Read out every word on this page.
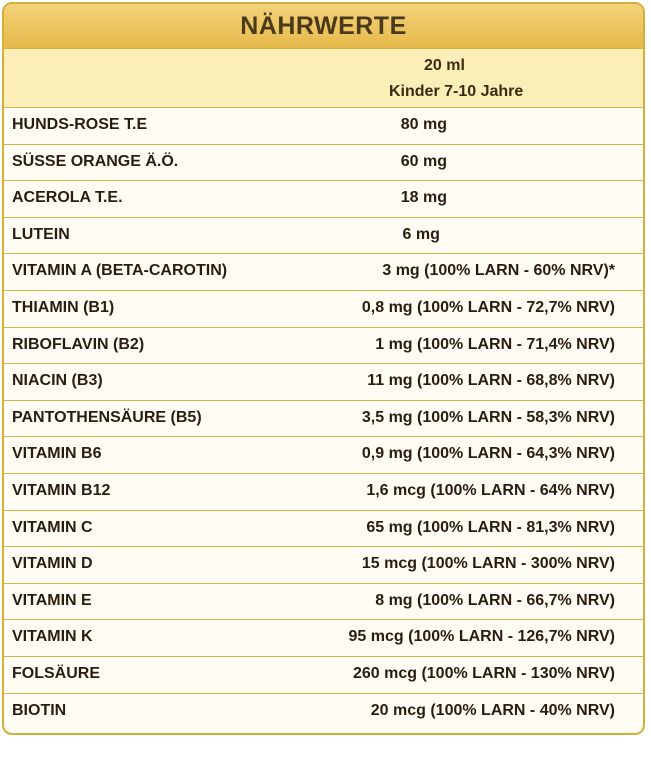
NÄHRWERTE
20 ml
Kinder 7-10 Jahre
HUNDS-ROSE T.E	80 mg
SÜSSE ORANGE Ä.Ö.	60 mg
ACEROLA T.E.	18 mg
LUTEIN	6 mg
VITAMIN A (BETA-CAROTIN)	3 mg (100% LARN - 60% NRV)*
THIAMIN (B1)	0,8 mg (100% LARN - 72,7% NRV)
RIBOFLAVIN (B2)	1 mg (100% LARN - 71,4% NRV)
NIACIN (B3)	11 mg (100% LARN - 68,8% NRV)
PANTOTHENSÄURE (B5)	3,5 mg (100% LARN - 58,3% NRV)
VITAMIN B6	0,9 mg (100% LARN - 64,3% NRV)
VITAMIN B12	1,6 mcg (100% LARN - 64% NRV)
VITAMIN C	65 mg (100% LARN - 81,3% NRV)
VITAMIN D	15 mcg (100% LARN - 300% NRV)
VITAMIN E	8 mg (100% LARN - 66,7% NRV)
VITAMIN K	95 mcg (100% LARN - 126,7% NRV)
FOLSÄURE	260 mcg (100% LARN - 130% NRV)
BIOTIN	20 mcg (100% LARN - 40% NRV)
